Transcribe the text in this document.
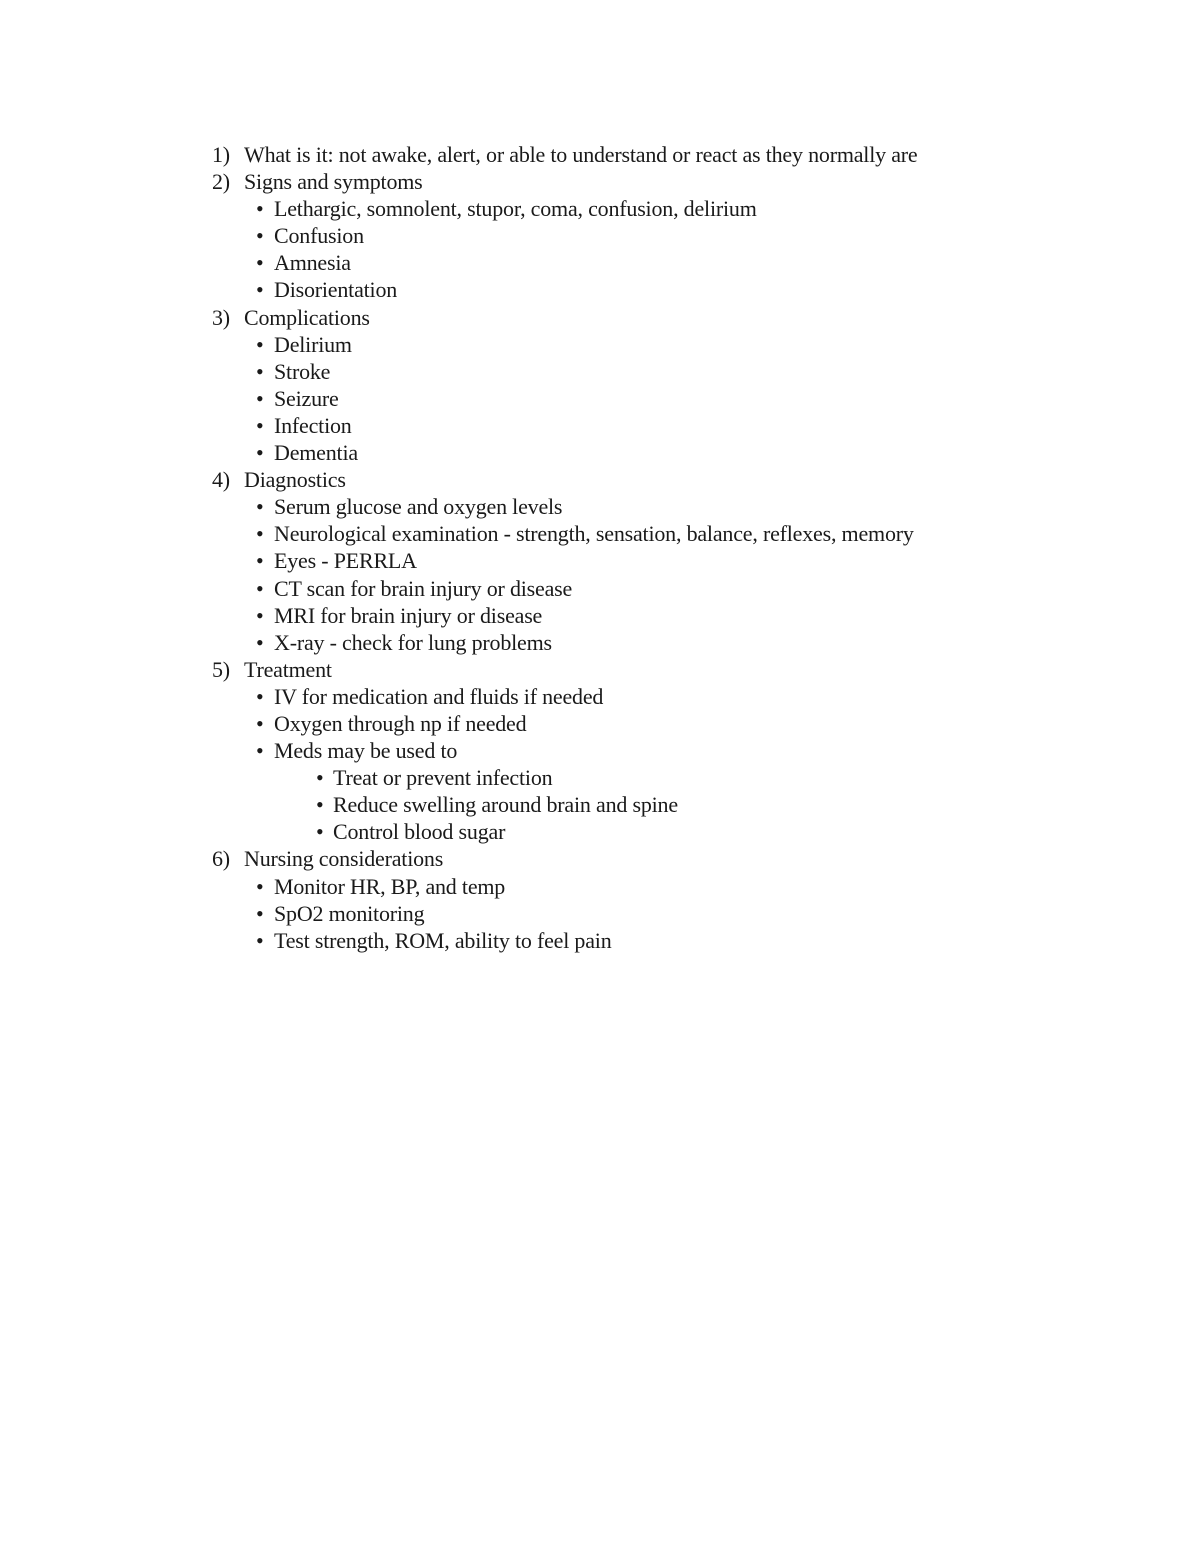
1) What is it: not awake, alert, or able to understand or react as they normally are
2) Signs and symptoms
• Lethargic, somnolent, stupor, coma, confusion, delirium
• Confusion
• Amnesia
• Disorientation
3) Complications
• Delirium
• Stroke
• Seizure
• Infection
• Dementia
4) Diagnostics
• Serum glucose and oxygen levels
• Neurological examination - strength, sensation, balance, reflexes, memory
• Eyes - PERRLA
• CT scan for brain injury or disease
• MRI for brain injury or disease
• X-ray - check for lung problems
5) Treatment
• IV for medication and fluids if needed
• Oxygen through np if needed
• Meds may be used to
• Treat or prevent infection
• Reduce swelling around brain and spine
• Control blood sugar
6) Nursing considerations
• Monitor HR, BP, and temp
• SpO2 monitoring
• Test strength, ROM, ability to feel pain
